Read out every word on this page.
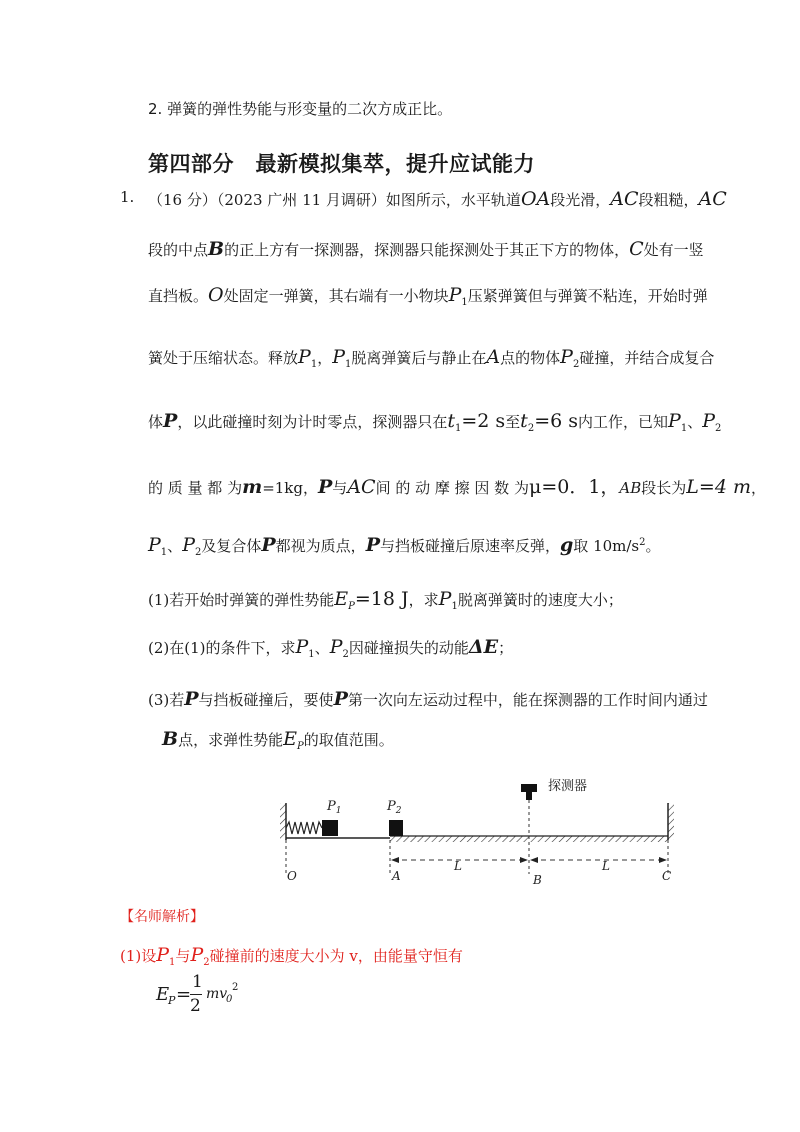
2. 弹簧的弹性势能与形变量的二次方成正比。
第四部分　最新模拟集萃，提升应试能力
1. （16 分）（2023 广州 11 月调研）如图所示，水平轨道OA段光滑，AC段粗糙，AC
段的中点B的正上方有一探测器，探测器只能探测处于其正下方的物体，C处有一竖
直挡板。O处固定一弹簧，其右端有一小物块$P_1$压紧弹簧但与弹簧不粘连，开始时弹
簧处于压缩状态。释放$P_1$，$P_1$脱离弹簧后与静止在A点的物体$P_2$碰撞，并结合成复合
体P，以此碰撞时刻为计时零点，探测器只在$t_1=2$ s至$t_2=6$ s内工作，已知$P_1$、$P_2$
的 质 量 都 为m=1kg，P与AC间 的 动 摩 擦 因 数 为μ=0．1，AB段长为L=4 m，
$P_1$、$P_2$及复合体P都视为质点，P与挡板碰撞后原速率反弹，g取 $10m/s^2$。
(1)若开始时弹簧的弹性势能$E_P=18$ J，求$P_1$脱离弹簧时的速度大小；
(2)在(1)的条件下，求$P_1$、$P_2$因碰撞损失的动能ΔE；
(3)若P与挡板碰撞后，要使P第一次向左运动过程中，能在探测器的工作时间内通过
B点，求弹性势能$E_P$的取值范围。
探测器
$P_1$	$P_2$
O	A	B	C
L	L
【名师解析】
(1)设$P_1$与$P_2$碰撞前的速度大小为 v，由能量守恒有
E
P =
1
2
mv
0
2
